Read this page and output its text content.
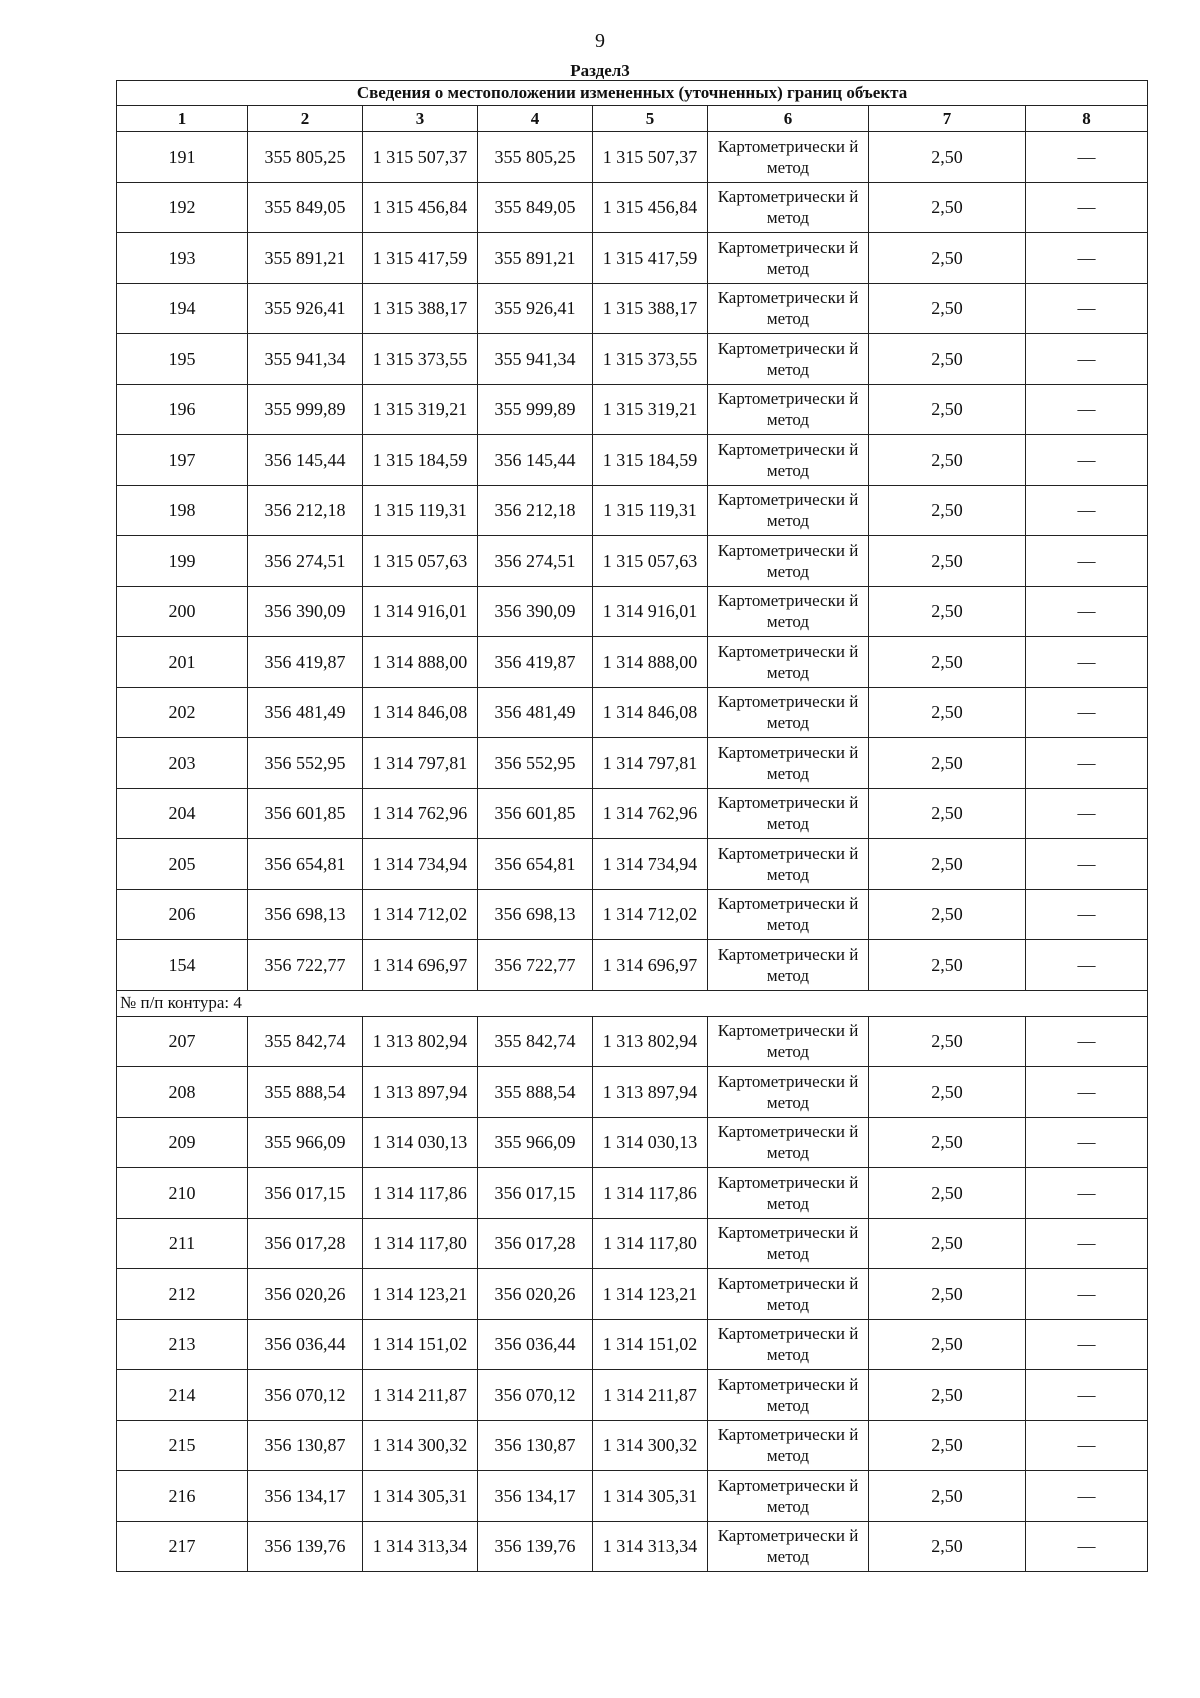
9
Раздел3
Сведения о местоположении измененных (уточненных) границ объекта							
1	2	3	4	5	6	7	8
191	355 805,25	1 315 507,37	355 805,25	1 315 507,37	Картометрически й метод	2,50	—
192	355 849,05	1 315 456,84	355 849,05	1 315 456,84	Картометрически й метод	2,50	—
193	355 891,21	1 315 417,59	355 891,21	1 315 417,59	Картометрически й метод	2,50	—
194	355 926,41	1 315 388,17	355 926,41	1 315 388,17	Картометрически й метод	2,50	—
195	355 941,34	1 315 373,55	355 941,34	1 315 373,55	Картометрически й метод	2,50	—
196	355 999,89	1 315 319,21	355 999,89	1 315 319,21	Картометрически й метод	2,50	—
197	356 145,44	1 315 184,59	356 145,44	1 315 184,59	Картометрически й метод	2,50	—
198	356 212,18	1 315 119,31	356 212,18	1 315 119,31	Картометрически й метод	2,50	—
199	356 274,51	1 315 057,63	356 274,51	1 315 057,63	Картометрически й метод	2,50	—
200	356 390,09	1 314 916,01	356 390,09	1 314 916,01	Картометрически й метод	2,50	—
201	356 419,87	1 314 888,00	356 419,87	1 314 888,00	Картометрически й метод	2,50	—
202	356 481,49	1 314 846,08	356 481,49	1 314 846,08	Картометрически й метод	2,50	—
203	356 552,95	1 314 797,81	356 552,95	1 314 797,81	Картометрически й метод	2,50	—
204	356 601,85	1 314 762,96	356 601,85	1 314 762,96	Картометрически й метод	2,50	—
205	356 654,81	1 314 734,94	356 654,81	1 314 734,94	Картометрически й метод	2,50	—
206	356 698,13	1 314 712,02	356 698,13	1 314 712,02	Картометрически й метод	2,50	—
154	356 722,77	1 314 696,97	356 722,77	1 314 696,97	Картометрически й метод	2,50	—
№ п/п контура: 4							
207	355 842,74	1 313 802,94	355 842,74	1 313 802,94	Картометрически й метод	2,50	—
208	355 888,54	1 313 897,94	355 888,54	1 313 897,94	Картометрически й метод	2,50	—
209	355 966,09	1 314 030,13	355 966,09	1 314 030,13	Картометрически й метод	2,50	—
210	356 017,15	1 314 117,86	356 017,15	1 314 117,86	Картометрически й метод	2,50	—
211	356 017,28	1 314 117,80	356 017,28	1 314 117,80	Картометрически й метод	2,50	—
212	356 020,26	1 314 123,21	356 020,26	1 314 123,21	Картометрически й метод	2,50	—
213	356 036,44	1 314 151,02	356 036,44	1 314 151,02	Картометрически й метод	2,50	—
214	356 070,12	1 314 211,87	356 070,12	1 314 211,87	Картометрически й метод	2,50	—
215	356 130,87	1 314 300,32	356 130,87	1 314 300,32	Картометрически й метод	2,50	—
216	356 134,17	1 314 305,31	356 134,17	1 314 305,31	Картометрически й метод	2,50	—
217	356 139,76	1 314 313,34	356 139,76	1 314 313,34	Картометрически й метод	2,50	—
